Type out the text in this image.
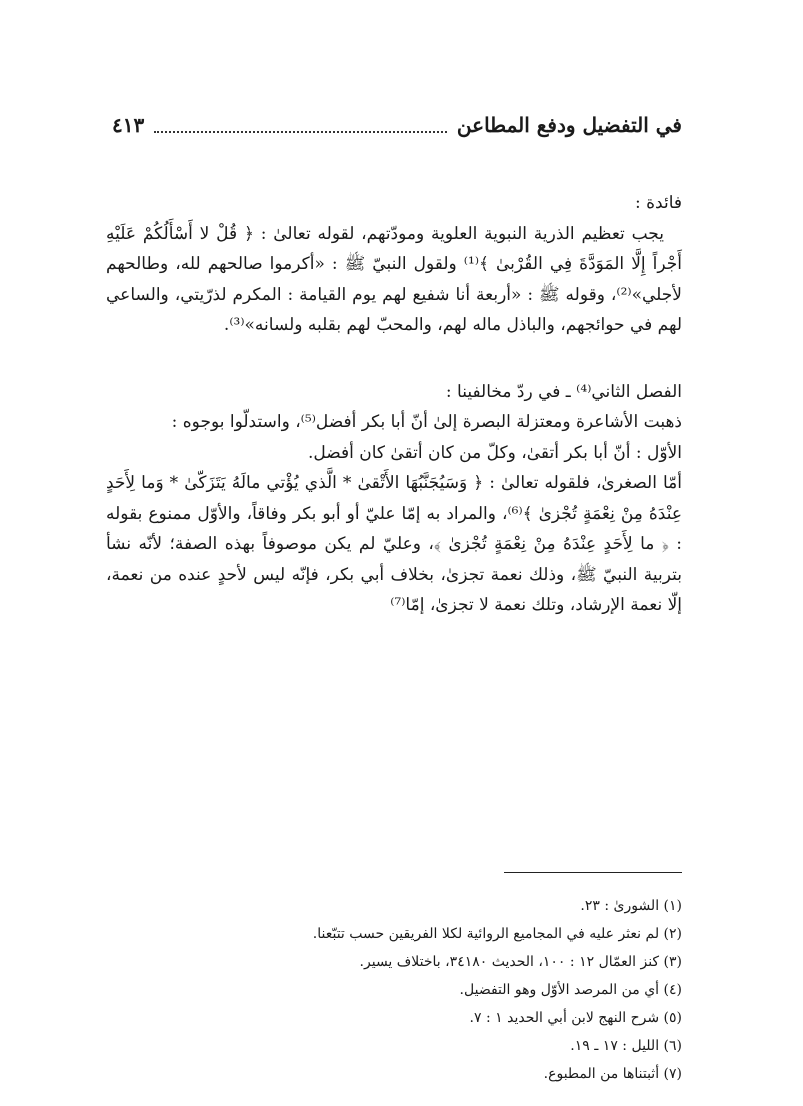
في التفضيل ودفع المطاعن
٤١٣

فائدة :

يجب تعظيم الذرية النبوية العلوية ومودّتهم، لقوله تعالىٰ : ﴿ قُلْ لا أَسْأَلُكُمْ عَلَيْهِ أَجْراً إِلَّا المَوَدَّةَ فِي القُرْبىٰ ﴾⁽¹⁾ ولقول النبيّ ﷺ : «أكرموا صالحهم لله، وطالحهم لأجلي»⁽²⁾، وقوله ﷺ : «أربعة أنا شفيع لهم يوم القيامة : المكرم لذرّيتي، والساعي لهم في حوائجهم، والباذل ماله لهم، والمحبّ لهم بقلبه ولسانه»⁽³⁾.

الفصل الثاني⁽⁴⁾ ـ في ردّ مخالفينا :

ذهبت الأشاعرة ومعتزلة البصرة إلىٰ أنّ أبا بكر أفضل⁽⁵⁾، واستدلّوا بوجوه :

الأوّل : أنّ أبا بكر أتقىٰ، وكلّ من كان أتقىٰ كان أفضل.

أمّا الصغرىٰ، فلقوله تعالىٰ : ﴿ وَسَيُجَنَّبُهَا الأَتْقىٰ * الَّذي يُؤْتي مالَهُ يَتَزَكّىٰ * وَما لِأَحَدٍ عِنْدَهُ مِنْ نِعْمَةٍ تُجْزىٰ ﴾⁽⁶⁾، والمراد به إمّا عليّ أو أبو بكر وفاقاً، والأوّل ممنوع بقوله : ﴿ ما لِأَحَدٍ عِنْدَهُ مِنْ نِعْمَةٍ تُجْزىٰ ﴾، وعليّ لم يكن موصوفاً بهذه الصفة؛ لأنّه نشأ بتربية النبيّ ﷺ، وذلك نعمة تجزىٰ، بخلاف أبي بكر، فإنّه ليس لأحدٍ عنده من نعمة، إلّا نعمة الإرشاد، وتلك نعمة لا تجزىٰ، إمّا⁽⁷⁾

(١) الشورىٰ : ٢٣.

(٢) لم نعثر عليه في المجاميع الروائية لكلا الفريقين حسب تتبّعنا.

(٣) كنز العمّال ١٢ : ١٠٠، الحديث ٣٤١٨٠، باختلاف يسير.

(٤) أي من المرصد الأوّل وهو التفضيل.

(٥) شرح النهج لابن أبي الحديد ١ : ٧.

(٦) الليل : ١٧ ـ ١٩.

(٧) أثبتناها من المطبوع.
